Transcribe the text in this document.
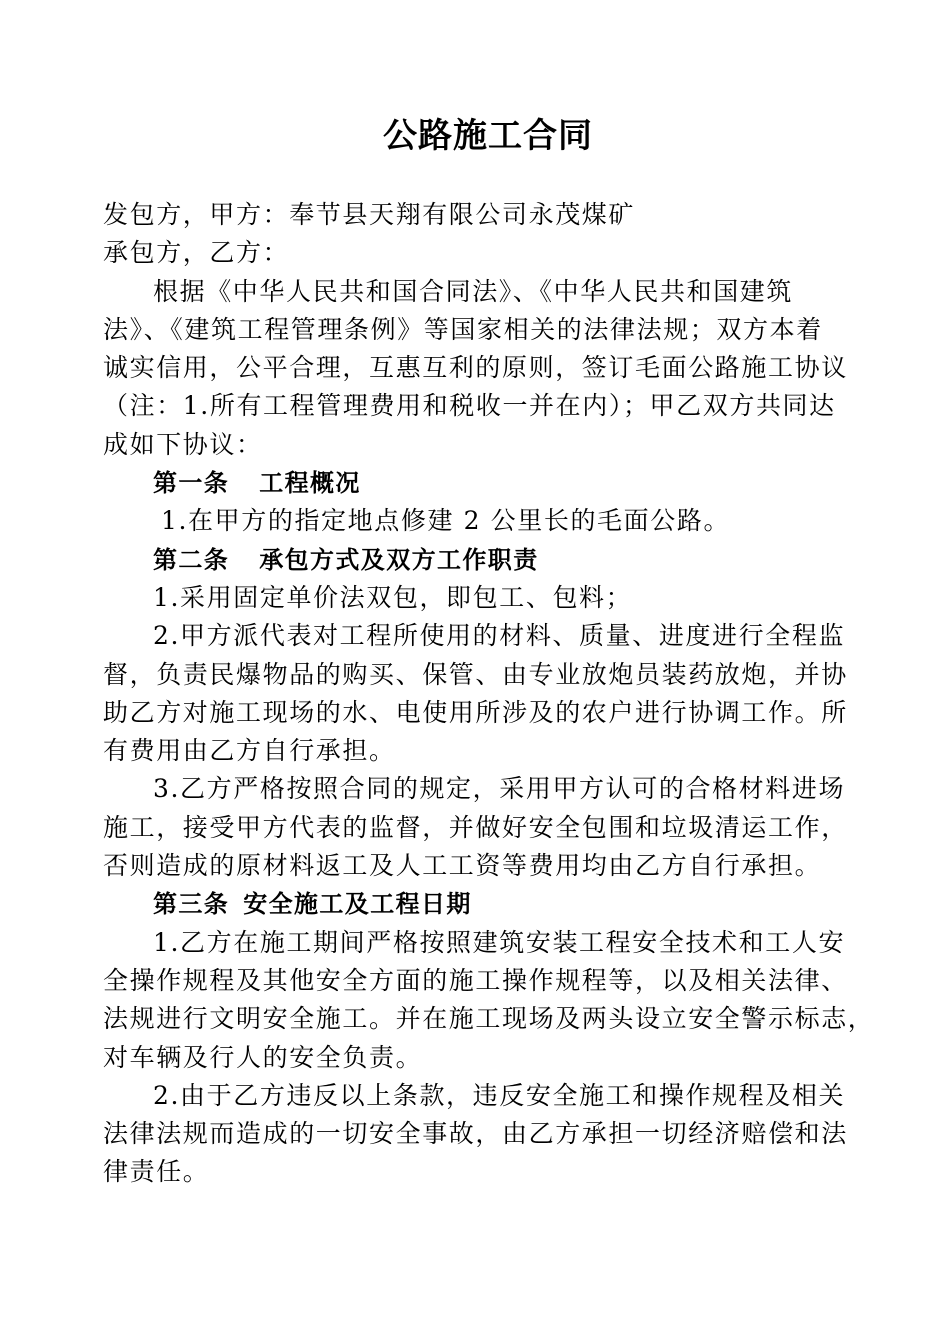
公路施工合同
发包方，甲方：奉节县天翔有限公司永茂煤矿
承包方，乙方：
根据《中华人民共和国合同法》、《中华人民共和国建筑
法》、《建筑工程管理条例》等国家相关的法律法规；双方本着
诚实信用，公平合理，互惠互利的原则，签订毛面公路施工协议
（注：1.所有工程管理费用和税收一并在内）；甲乙双方共同达
成如下协议：
第一条 工程概况
1.在甲方的指定地点修建 2 公里长的毛面公路。
第二条 承包方式及双方工作职责
1.采用固定单价法双包，即包工、包料；
2.甲方派代表对工程所使用的材料、质量、进度进行全程监
督，负责民爆物品的购买、保管、由专业放炮员装药放炮，并协
助乙方对施工现场的水、电使用所涉及的农户进行协调工作。所
有费用由乙方自行承担。
3.乙方严格按照合同的规定，采用甲方认可的合格材料进场
施工，接受甲方代表的监督，并做好安全包围和垃圾清运工作，
否则造成的原材料返工及人工工资等费用均由乙方自行承担。
第三条 安全施工及工程日期
1.乙方在施工期间严格按照建筑安装工程安全技术和工人安
全操作规程及其他安全方面的施工操作规程等，以及相关法律、
法规进行文明安全施工。并在施工现场及两头设立安全警示标志，
对车辆及行人的安全负责。
2.由于乙方违反以上条款，违反安全施工和操作规程及相关
法律法规而造成的一切安全事故，由乙方承担一切经济赔偿和法
律责任。
